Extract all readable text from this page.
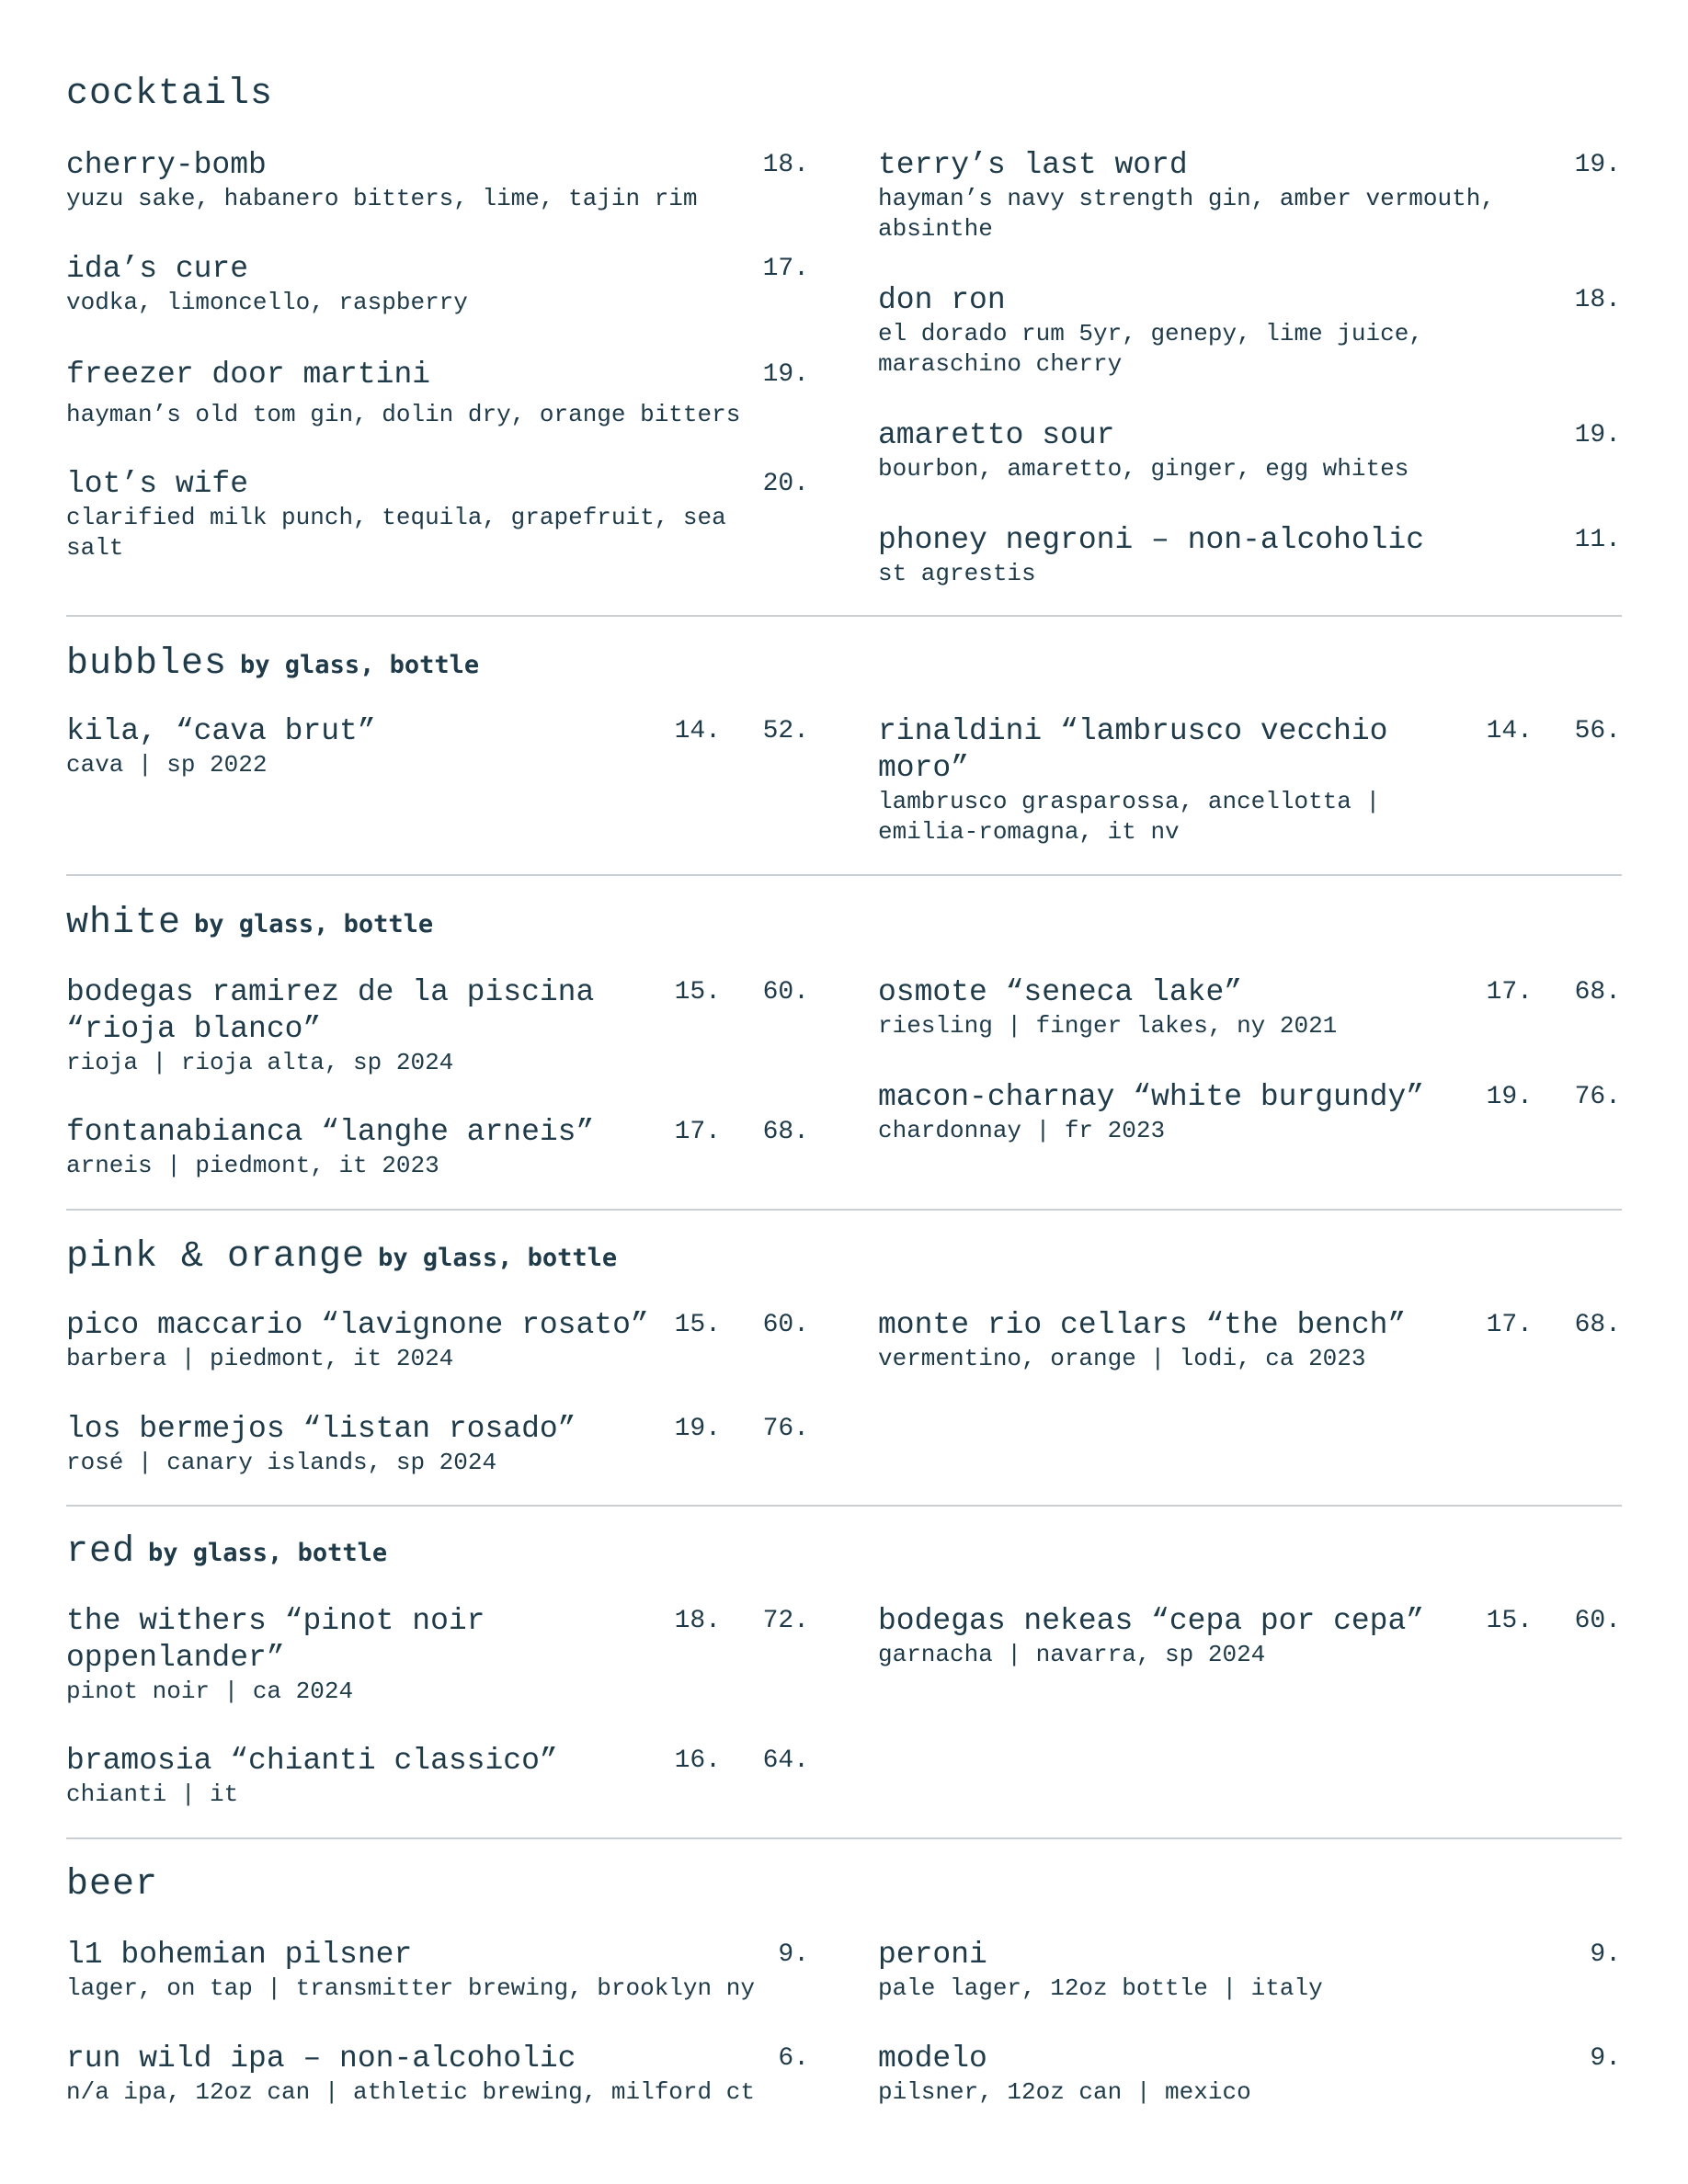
cocktails
cherry-bomb	18.
yuzu sake, habanero bitters, lime, tajin rim
ida’s cure	17.
vodka, limoncello, raspberry
freezer door martini	19.
hayman’s old tom gin, dolin dry, orange bitters
lot’s wife	20.
clarified milk punch, tequila, grapefruit, sea salt
terry’s last word	19.
hayman’s navy strength gin, amber vermouth, absinthe
don ron	18.
el dorado rum 5yr, genepy, lime juice, maraschino cherry
amaretto sour	19.
bourbon, amaretto, ginger, egg whites
phoney negroni – non-alcoholic	11.
st agrestis
bubbles by glass, bottle
kila, “cava brut”	14.	52.
cava | sp 2022
rinaldini “lambrusco vecchio moro”
14.	56.
lambrusco grasparossa, ancellotta | emilia-romagna, it nv
white by glass, bottle
bodegas ramirez de la piscina “rioja blanco”
15.	60.
rioja | rioja alta, sp 2024
fontanabianca “langhe arneis”	17.	68.
arneis | piedmont, it 2023
osmote “seneca lake”	17.	68.
riesling | finger lakes, ny 2021
macon-charnay “white burgundy”	19.	76.
chardonnay | fr 2023
pink & orange by glass, bottle
pico maccario “lavignone rosato” 15.	60.
barbera | piedmont, it 2024
los bermejos “listan rosado”	19.	76.
rosé | canary islands, sp 2024
monte rio cellars “the bench”	17.	68.
vermentino, orange | lodi, ca 2023
red by glass, bottle
the withers “pinot noir oppenlander”
18.	72.
pinot noir | ca 2024
bramosia “chianti classico”	16.	64.
chianti | it
bodegas nekeas “cepa por cepa”	15.	60.
garnacha | navarra, sp 2024
beer
l1 bohemian pilsner	9.
lager, on tap | transmitter brewing, brooklyn ny
run wild ipa – non-alcoholic	6.
n/a ipa, 12oz can | athletic brewing, milford ct
peroni	9.
pale lager, 12oz bottle | italy
modelo	9.
pilsner, 12oz can | mexico
